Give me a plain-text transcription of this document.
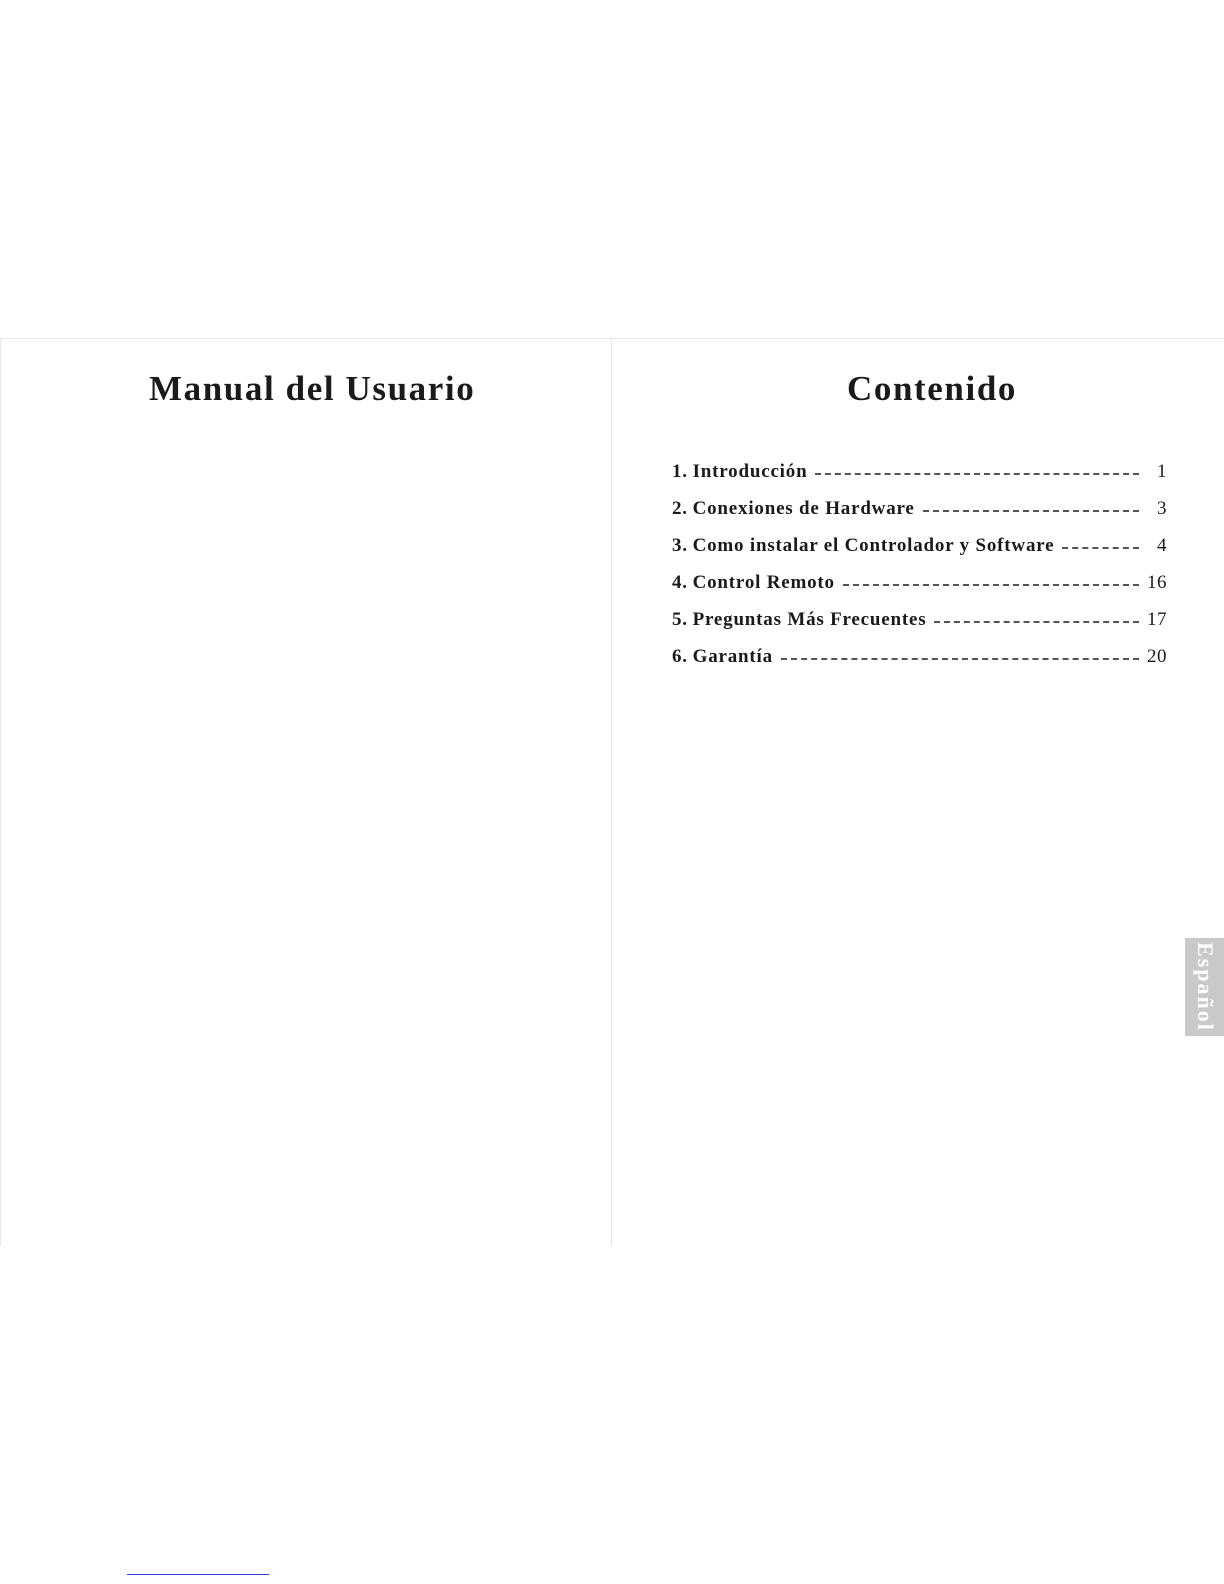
Manual del Usuario	Contenido
1.
Introducción	1
2.
Conexiones de Hardware	3
3.
Como instalar el Controlador y Software	4
4.
Control Remoto	16
5.
Preguntas Más Frecuentes	17
6.
Garantía	20
Español
